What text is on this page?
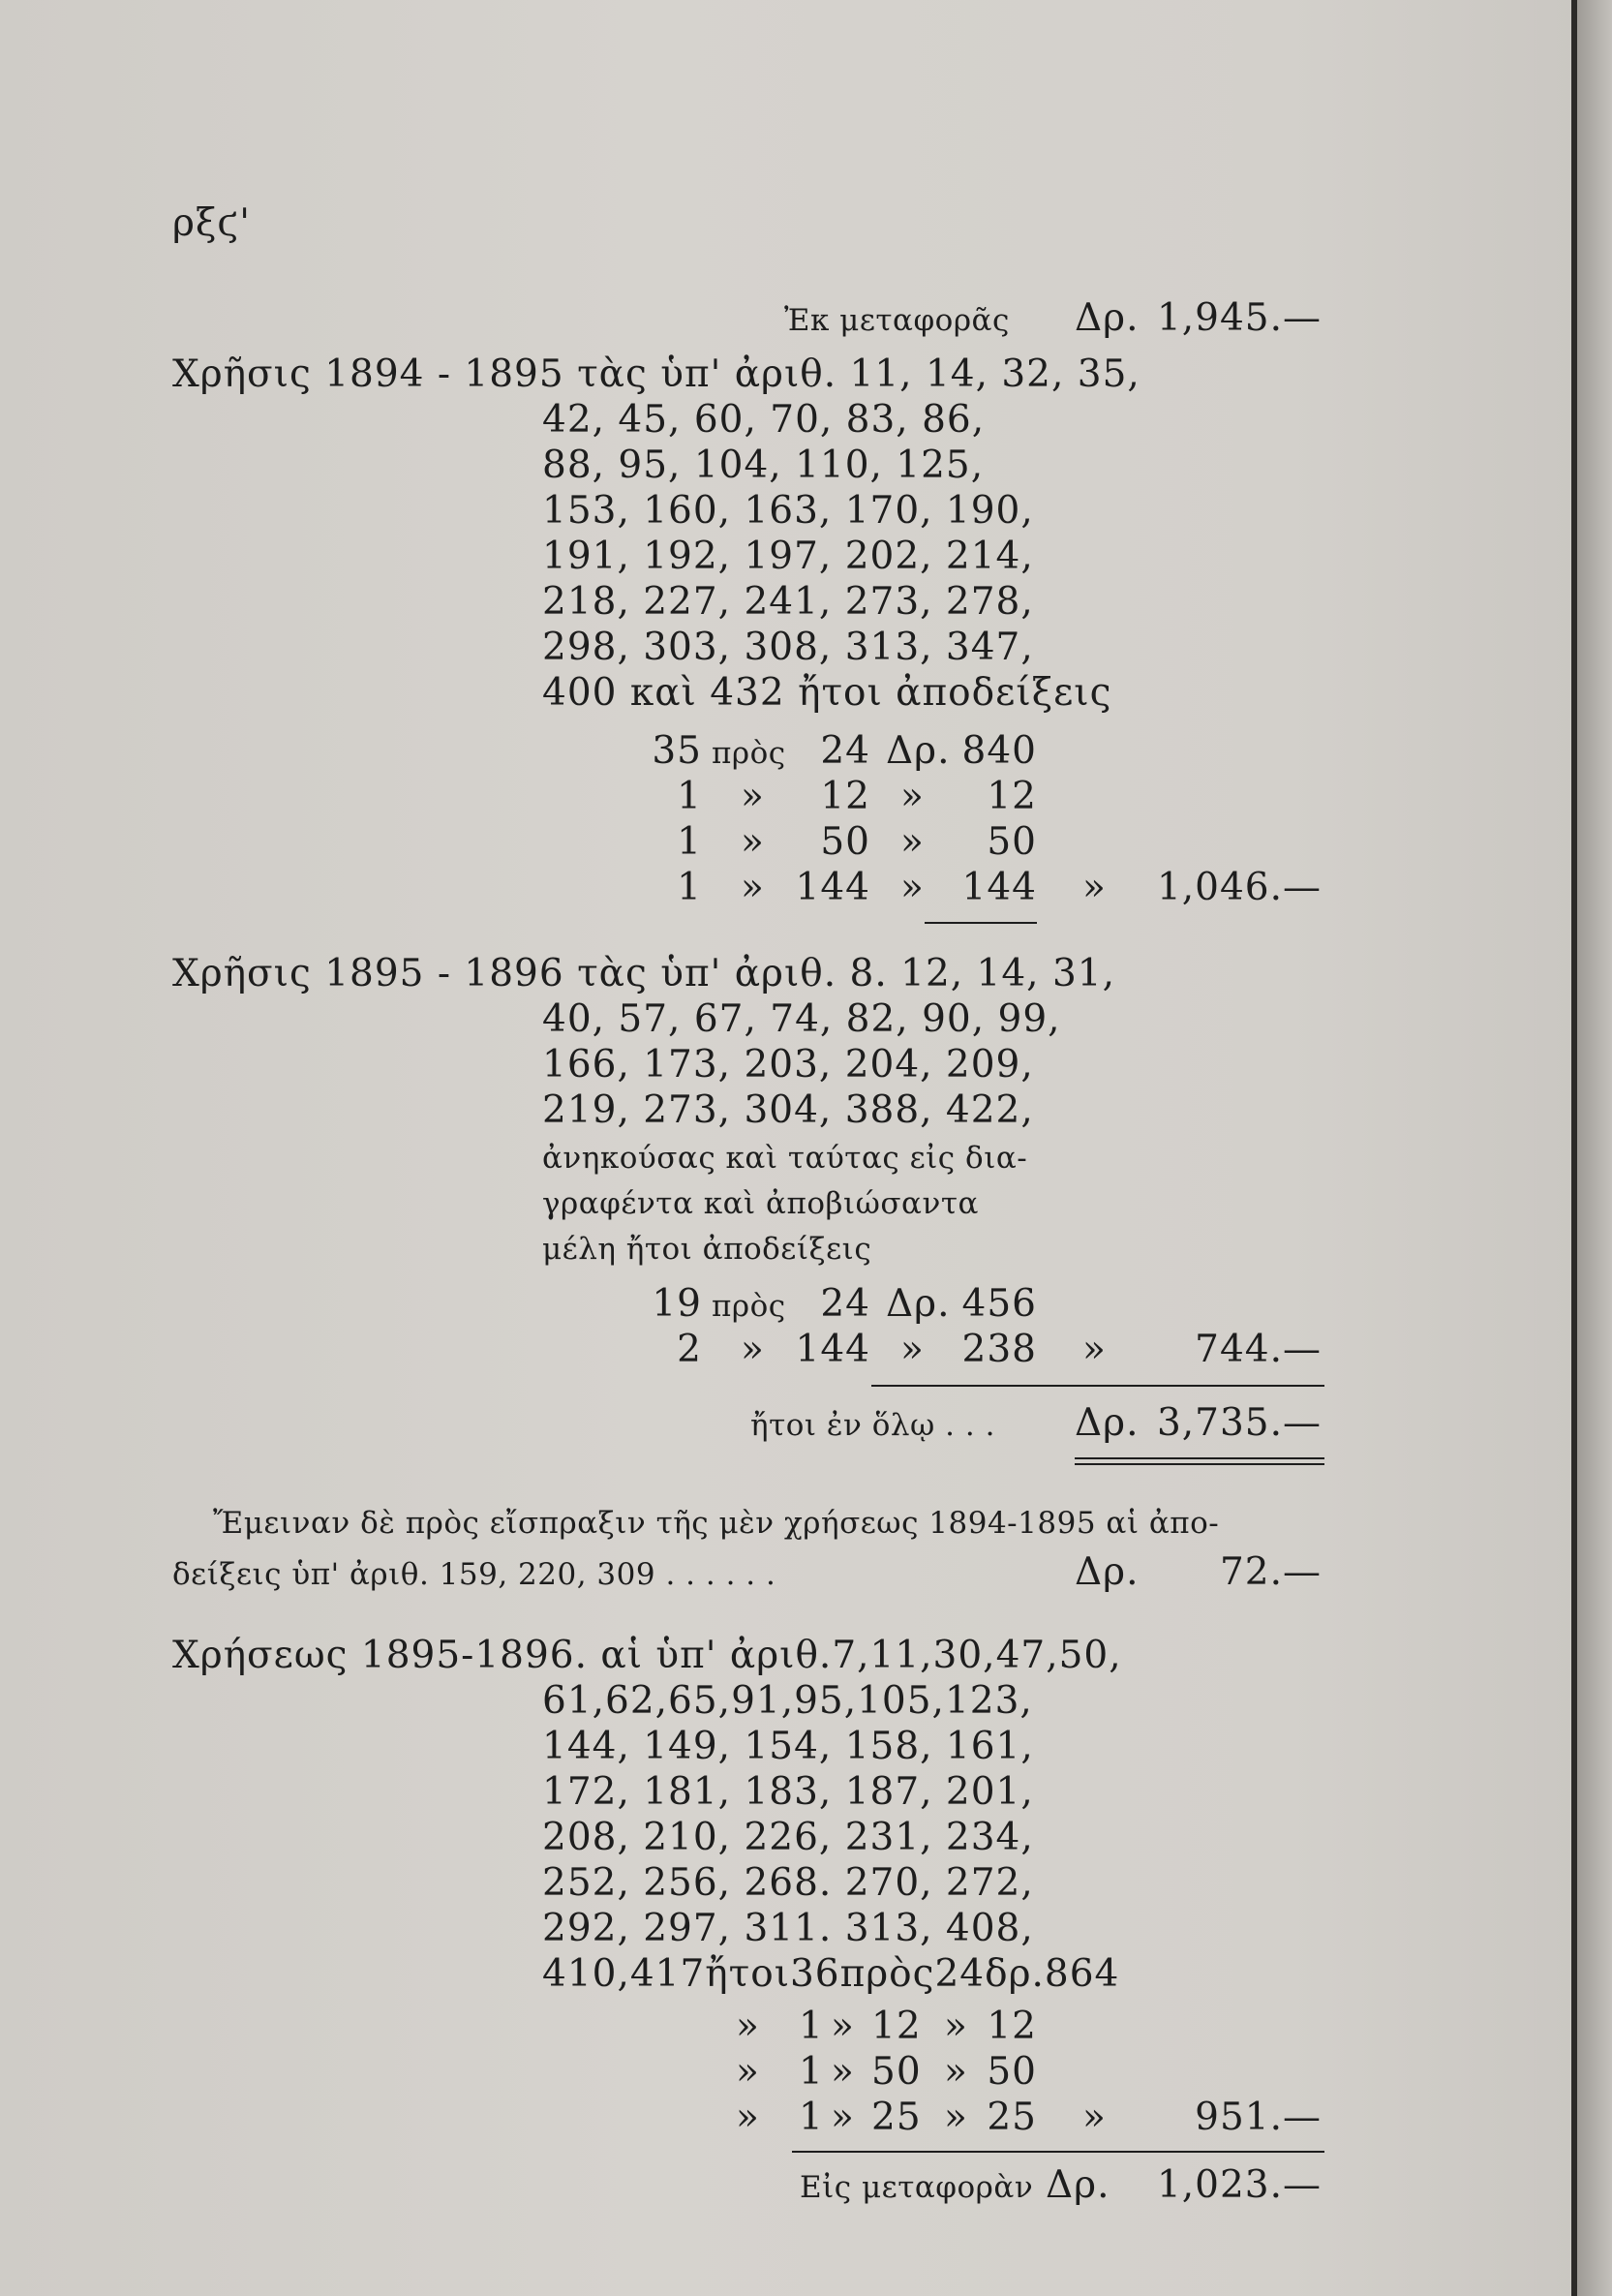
ρξϛ'
Ἐκ μεταφορᾶς Δρ. 1,945.—
Χρῆσις 1894 - 1895 τὰς ὑπ' ἀριθ. 11, 14, 32, 35,
42, 45, 60, 70, 83, 86,
88, 95, 104, 110, 125,
153, 160, 163, 170, 190,
191, 192, 197, 202, 214,
218, 227, 241, 273, 278,
298, 303, 308, 313, 347,
400 καὶ 432 ἤτοι ἀποδείξεις
35 πρὸς 24 Δρ. 840
1 » 12 » 12
1 » 50 » 50
1 » 144 » 144 » 1,046.—
Χρῆσις 1895 - 1896 τὰς ὑπ' ἀριθ. 8. 12, 14, 31,
40, 57, 67, 74, 82, 90, 99,
166, 173, 203, 204, 209,
219, 273, 304, 388, 422,
ἀνηκούσας καὶ ταύτας εἰς δια-
γραφέντα καὶ ἀποβιώσαντα
μέλη ἤτοι ἀποδείξεις
19 πρὸς 24 Δρ. 456
2 » 144 » 238 » 744.—
ἤτοι ἐν ὅλῳ . . . Δρ. 3,735.—
Ἔμειναν δὲ πρὸς εἴσπραξιν τῆς μὲν χρήσεως 1894-1895 αἱ ἀπο-
δείξεις ὑπ' ἀριθ. 159, 220, 309 . . . . . .	Δρ. 72.—
Χρήσεως 1895-1896. αἱ ὑπ' ἀριθ.7,11,30,47,50,
61,62,65,91,95,105,123,
144, 149, 154, 158, 161,
172, 181, 183, 187, 201,
208, 210, 226, 231, 234,
252, 256, 268. 270, 272,
292, 297, 311. 313, 408,
410,417ἤτοι36πρὸς24δρ.864
» 1 » 12 » 12
» 1 » 50 » 50
» 1 » 25 » 25 » 951.—
Εἰς μεταφορὰν Δρ. 1,023.—
